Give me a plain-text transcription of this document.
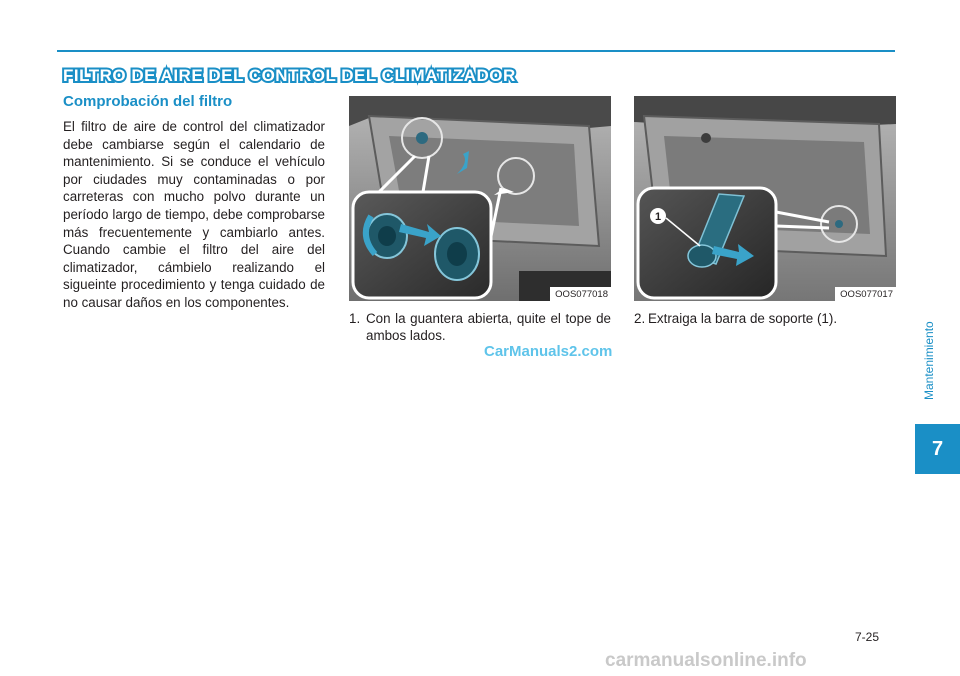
FILTRO DE AIRE DEL CONTROL DEL CLIMATIZADOR
Comprobación del filtro
El filtro de aire de control del climatizador debe cambiarse según el calendario de mantenimiento. Si se conduce el vehículo por ciudades muy contaminadas o por carreteras con mucho polvo durante un período largo de tiempo, debe comprobarse más frecuentemente y cambiarlo antes. Cuando cambie el filtro del aire del climatizador, cámbielo realizando el sigueinte procedimiento y tenga cuidado de no causar daños en los componentes.
OOS077018
1
OOS077017
1. Con la guantera abierta, quite el tope de ambos lados.
2. Extraiga la barra de soporte (1).
CarManuals2.com	Mantenimiento
7
7-25
carmanualsonline.info
